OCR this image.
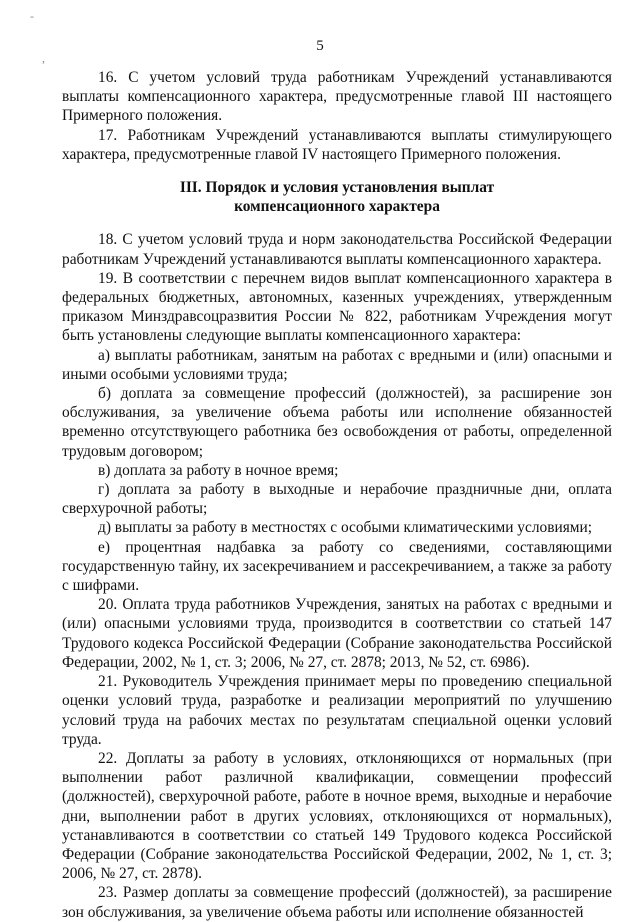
-
,
5

16. С учетом условий труда работникам Учреждений устанавливаются выплаты компенсационного характера, предусмотренные главой III настоящего Примерного положения.

17. Работникам Учреждений устанавливаются выплаты стимулирующего характера, предусмотренные главой IV настоящего Примерного положения.

III. Порядок и условия установления выплат
компенсационного характера

18. С учетом условий труда и норм законодательства Российской Федерации работникам Учреждений устанавливаются выплаты компенсационного характера.

19. В соответствии с перечнем видов выплат компенсационного характера в федеральных бюджетных, автономных, казенных учреждениях, утвержденным приказом Минздравсоцразвития России № 822, работникам Учреждения могут быть установлены следующие выплаты компенсационного характера:

а) выплаты работникам, занятым на работах с вредными и (или) опасными и иными особыми условиями труда;

б) доплата за совмещение профессий (должностей), за расширение зон обслуживания, за увеличение объема работы или исполнение обязанностей временно отсутствующего работника без освобождения от работы, определенной трудовым договором;

в) доплата за работу в ночное время;

г) доплата за работу в выходные и нерабочие праздничные дни, оплата сверхурочной работы;

д) выплаты за работу в местностях с особыми климатическими условиями;

е) процентная надбавка за работу со сведениями, составляющими государственную тайну, их засекречиванием и рассекречиванием, а также за работу с шифрами.

20. Оплата труда работников Учреждения, занятых на работах с вредными и (или) опасными условиями труда, производится в соответствии со статьей 147 Трудового кодекса Российской Федерации (Собрание законодательства Российской Федерации, 2002, № 1, ст. 3; 2006, № 27, ст. 2878; 2013, № 52, ст. 6986).

21. Руководитель Учреждения принимает меры по проведению специальной оценки условий труда, разработке и реализации мероприятий по улучшению условий труда на рабочих местах по результатам специальной оценки условий труда.

22. Доплаты за работу в условиях, отклоняющихся от нормальных (при выполнении работ различной квалификации, совмещении профессий (должностей), сверхурочной работе, работе в ночное время, выходные и нерабочие дни, выполнении работ в других условиях, отклоняющихся от нормальных), устанавливаются в соответствии со статьей 149 Трудового кодекса Российской Федерации (Собрание законодательства Российской Федерации, 2002, № 1, ст. 3; 2006, № 27, ст. 2878).

23. Размер доплаты за совмещение профессий (должностей), за расширение зон обслуживания, за увеличение объема работы или исполнение обязанностей
